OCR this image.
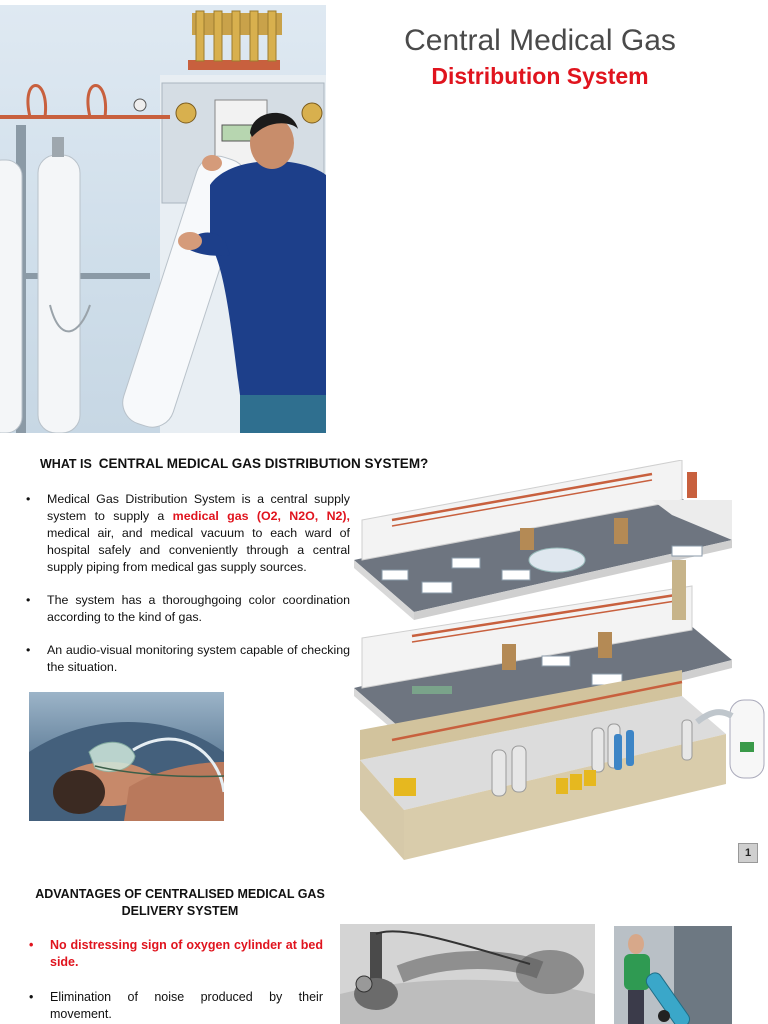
Central Medical Gas
Distribution System
WHAT IS CENTRAL MEDICAL GAS DISTRIBUTION SYSTEM?
• Medical Gas Distribution System is a central supply system to supply a medical gas (O2, N2O, N2), medical air, and medical vacuum to each ward of hospital safely and conveniently through a central supply piping from medical gas supply sources.
• The system has a thoroughgoing color coordination according to the kind of gas.
• An audio-visual monitoring system capable of checking the situation.
1
ADVANTAGES OF CENTRALISED MEDICAL GAS DELIVERY SYSTEM
• No distressing sign of oxygen cylinder at bed side.
• Elimination of noise produced by their movement.
